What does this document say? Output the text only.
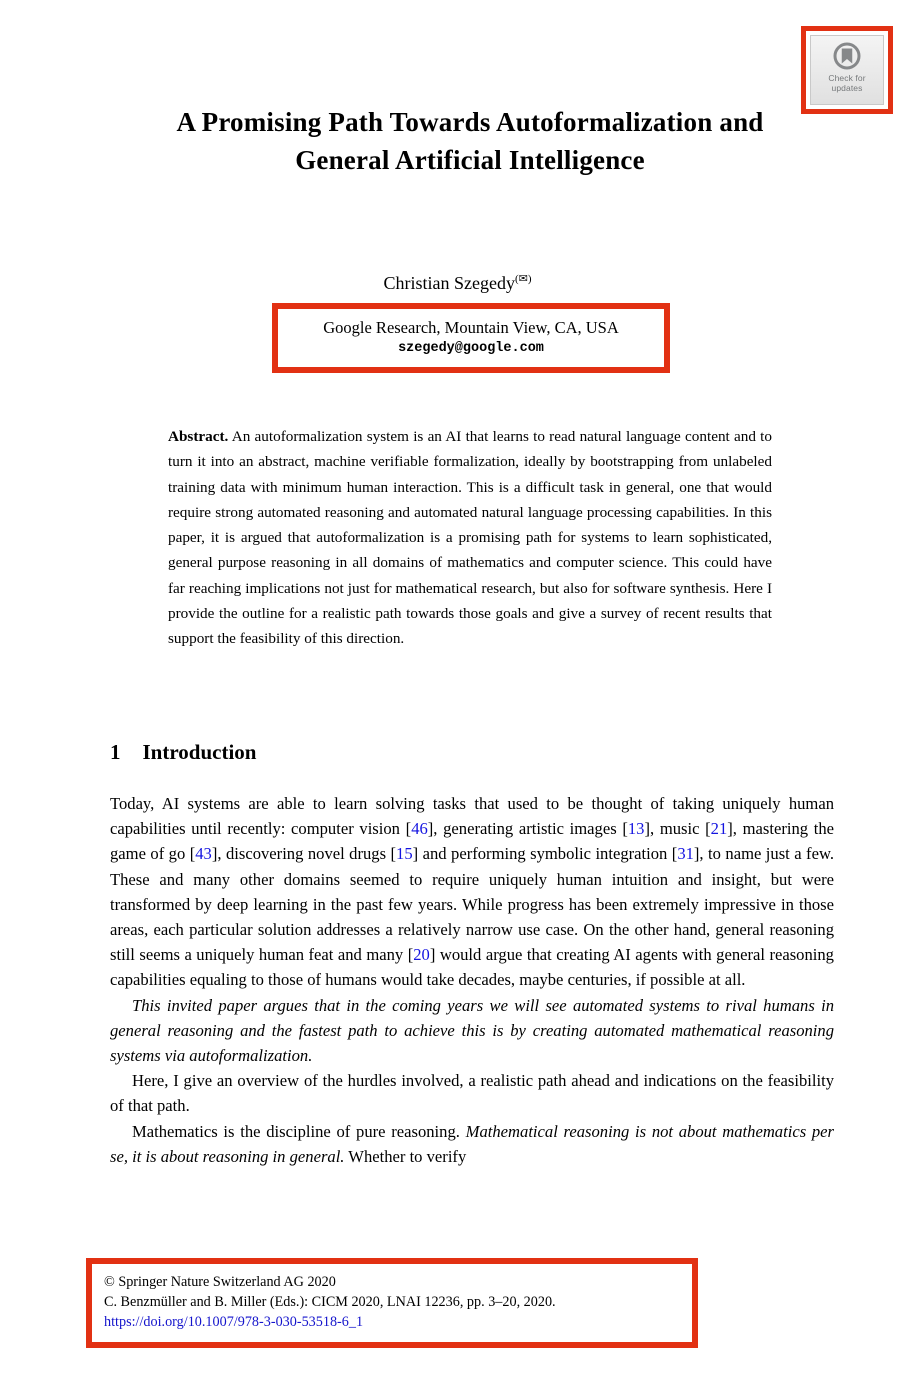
Check for
updates
A Promising Path Towards Autoformalization and General Artificial Intelligence
Christian Szegedy(✉)
Google Research, Mountain View, CA, USA
szegedy@google.com
Abstract. An autoformalization system is an AI that learns to read natural language content and to turn it into an abstract, machine verifiable formalization, ideally by bootstrapping from unlabeled training data with minimum human interaction. This is a difficult task in general, one that would require strong automated reasoning and automated natural language processing capabilities. In this paper, it is argued that autoformalization is a promising path for systems to learn sophisticated, general purpose reasoning in all domains of mathematics and computer science. This could have far reaching implications not just for mathematical research, but also for software synthesis. Here I provide the outline for a realistic path towards those goals and give a survey of recent results that support the feasibility of this direction.
1 Introduction

Today, AI systems are able to learn solving tasks that used to be thought of taking uniquely human capabilities until recently: computer vision [46], generating artistic images [13], music [21], mastering the game of go [43], discovering novel drugs [15] and performing symbolic integration [31], to name just a few. These and many other domains seemed to require uniquely human intuition and insight, but were transformed by deep learning in the past few years. While progress has been extremely impressive in those areas, each particular solution addresses a relatively narrow use case. On the other hand, general reasoning still seems a uniquely human feat and many [20] would argue that creating AI agents with general reasoning capabilities equaling to those of humans would take decades, maybe centuries, if possible at all.

This invited paper argues that in the coming years we will see automated systems to rival humans in general reasoning and the fastest path to achieve this is by creating automated mathematical reasoning systems via autoformalization.

Here, I give an overview of the hurdles involved, a realistic path ahead and indications on the feasibility of that path.

Mathematics is the discipline of pure reasoning. Mathematical reasoning is not about mathematics per se, it is about reasoning in general. Whether to verify

© Springer Nature Switzerland AG 2020
C. Benzmüller and B. Miller (Eds.): CICM 2020, LNAI 12236, pp. 3–20, 2020.
https://doi.org/10.1007/978-3-030-53518-6_1
